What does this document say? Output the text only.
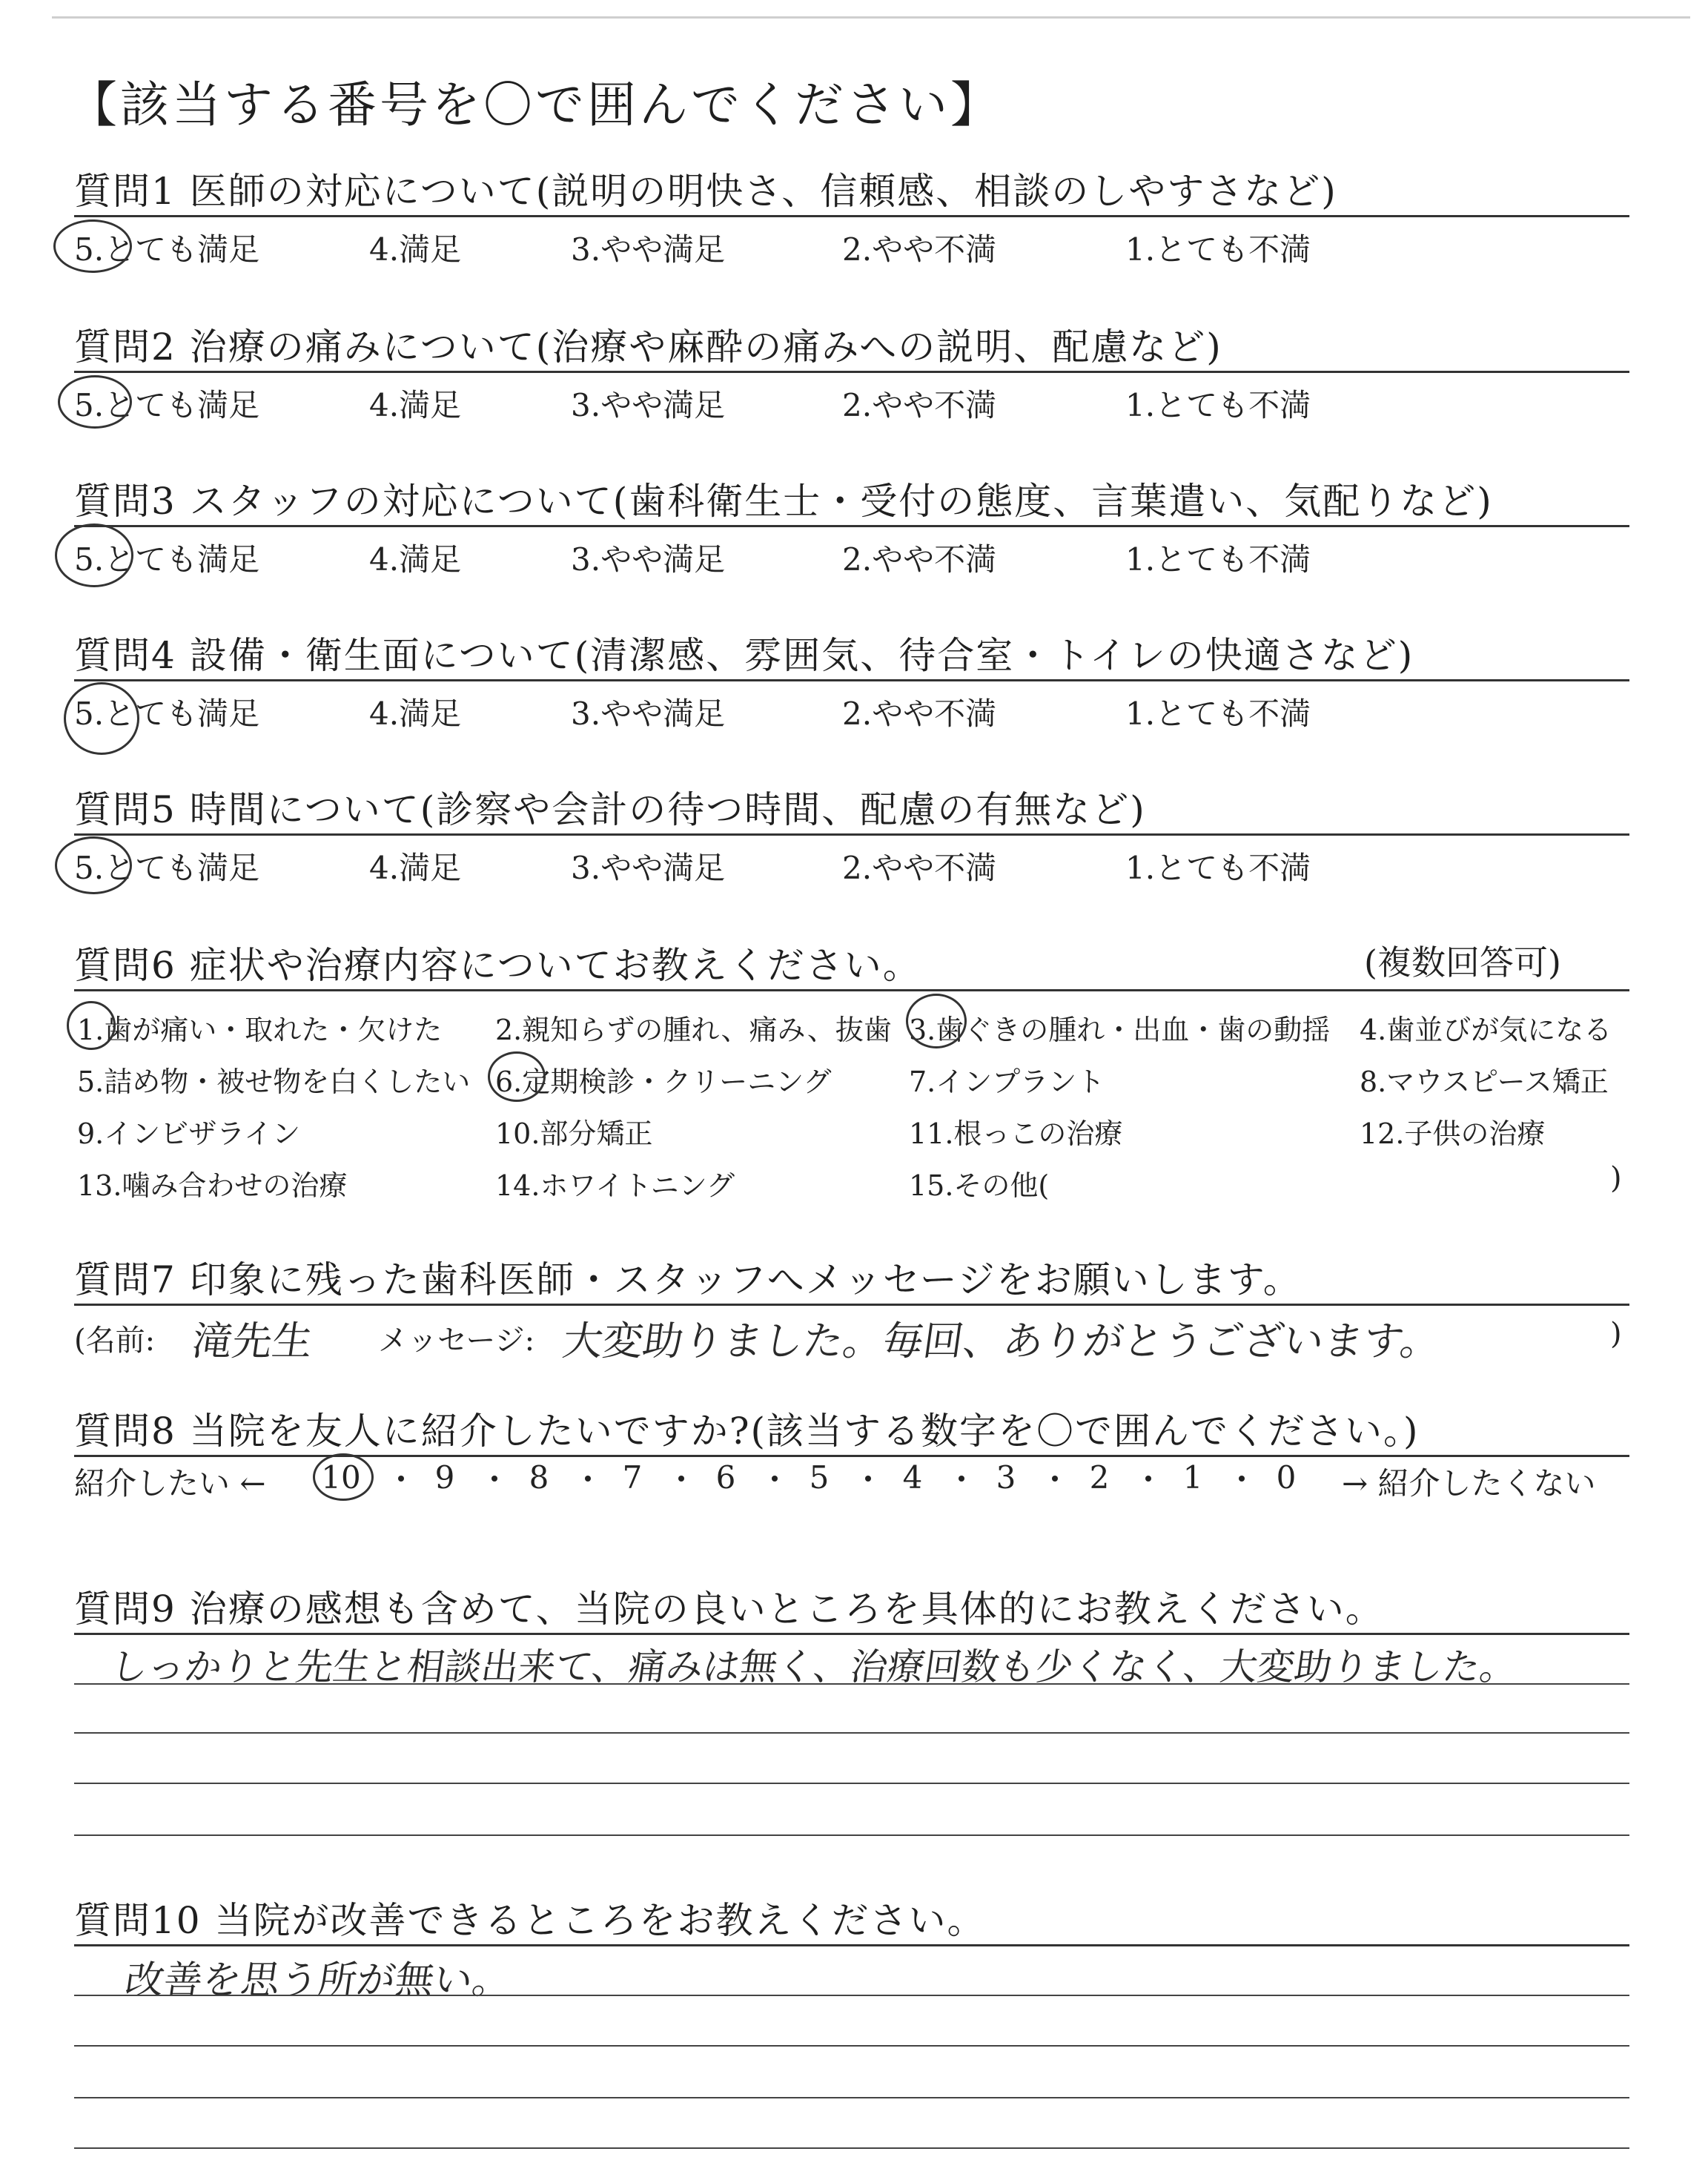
【該当する番号を〇で囲んでください】
質問1 医師の対応について(説明の明快さ、信頼感、相談のしやすさなど)
5.とても満足	4.満足	3.やや満足	2.やや不満	1.とても不満
質問2 治療の痛みについて(治療や麻酔の痛みへの説明、配慮など)
5.とても満足	4.満足	3.やや満足	2.やや不満	1.とても不満
質問3 スタッフの対応について(歯科衛生士・受付の態度、言葉遣い、気配りなど)
5.とても満足	4.満足	3.やや満足	2.やや不満	1.とても不満
質問4 設備・衛生面について(清潔感、雰囲気、待合室・トイレの快適さなど)
5.とても満足	4.満足	3.やや満足	2.やや不満	1.とても不満
質問5 時間について(診察や会計の待つ時間、配慮の有無など)
5.とても満足	4.満足	3.やや満足	2.やや不満	1.とても不満
質問6 症状や治療内容についてお教えください。	(複数回答可)
1.歯が痛い・取れた・欠けた 2.親知らずの腫れ、痛み、抜歯 3.歯ぐきの腫れ・出血・歯の動揺 4.歯並びが気になる
5.詰め物・被せ物を白くしたい 6.定期検診・クリーニング	7.インプラント	8.マウスピース矯正
9.インビザライン	10.部分矯正	11.根っこの治療	12.子供の治療
13.噛み合わせの治療	14.ホワイトニング	15.その他(	)
質問7 印象に残った歯科医師・スタッフへメッセージをお願いします。
(名前: 滝先生 メッセージ: 大変助りました。毎回、ありがとうございます。	)
質問8 当院を友人に紹介したいですか?(該当する数字を〇で囲んでください。)
紹介したい ← 10	9	8	7	6	5	4	3	2	1	0	→ 紹介したくない
質問9 治療の感想も含めて、当院の良いところを具体的にお教えください。
しっかりと先生と相談出来て、痛みは無く、治療回数も少くなく、大変助りました。
質問10 当院が改善できるところをお教えください。
改善を思う所が無い。
